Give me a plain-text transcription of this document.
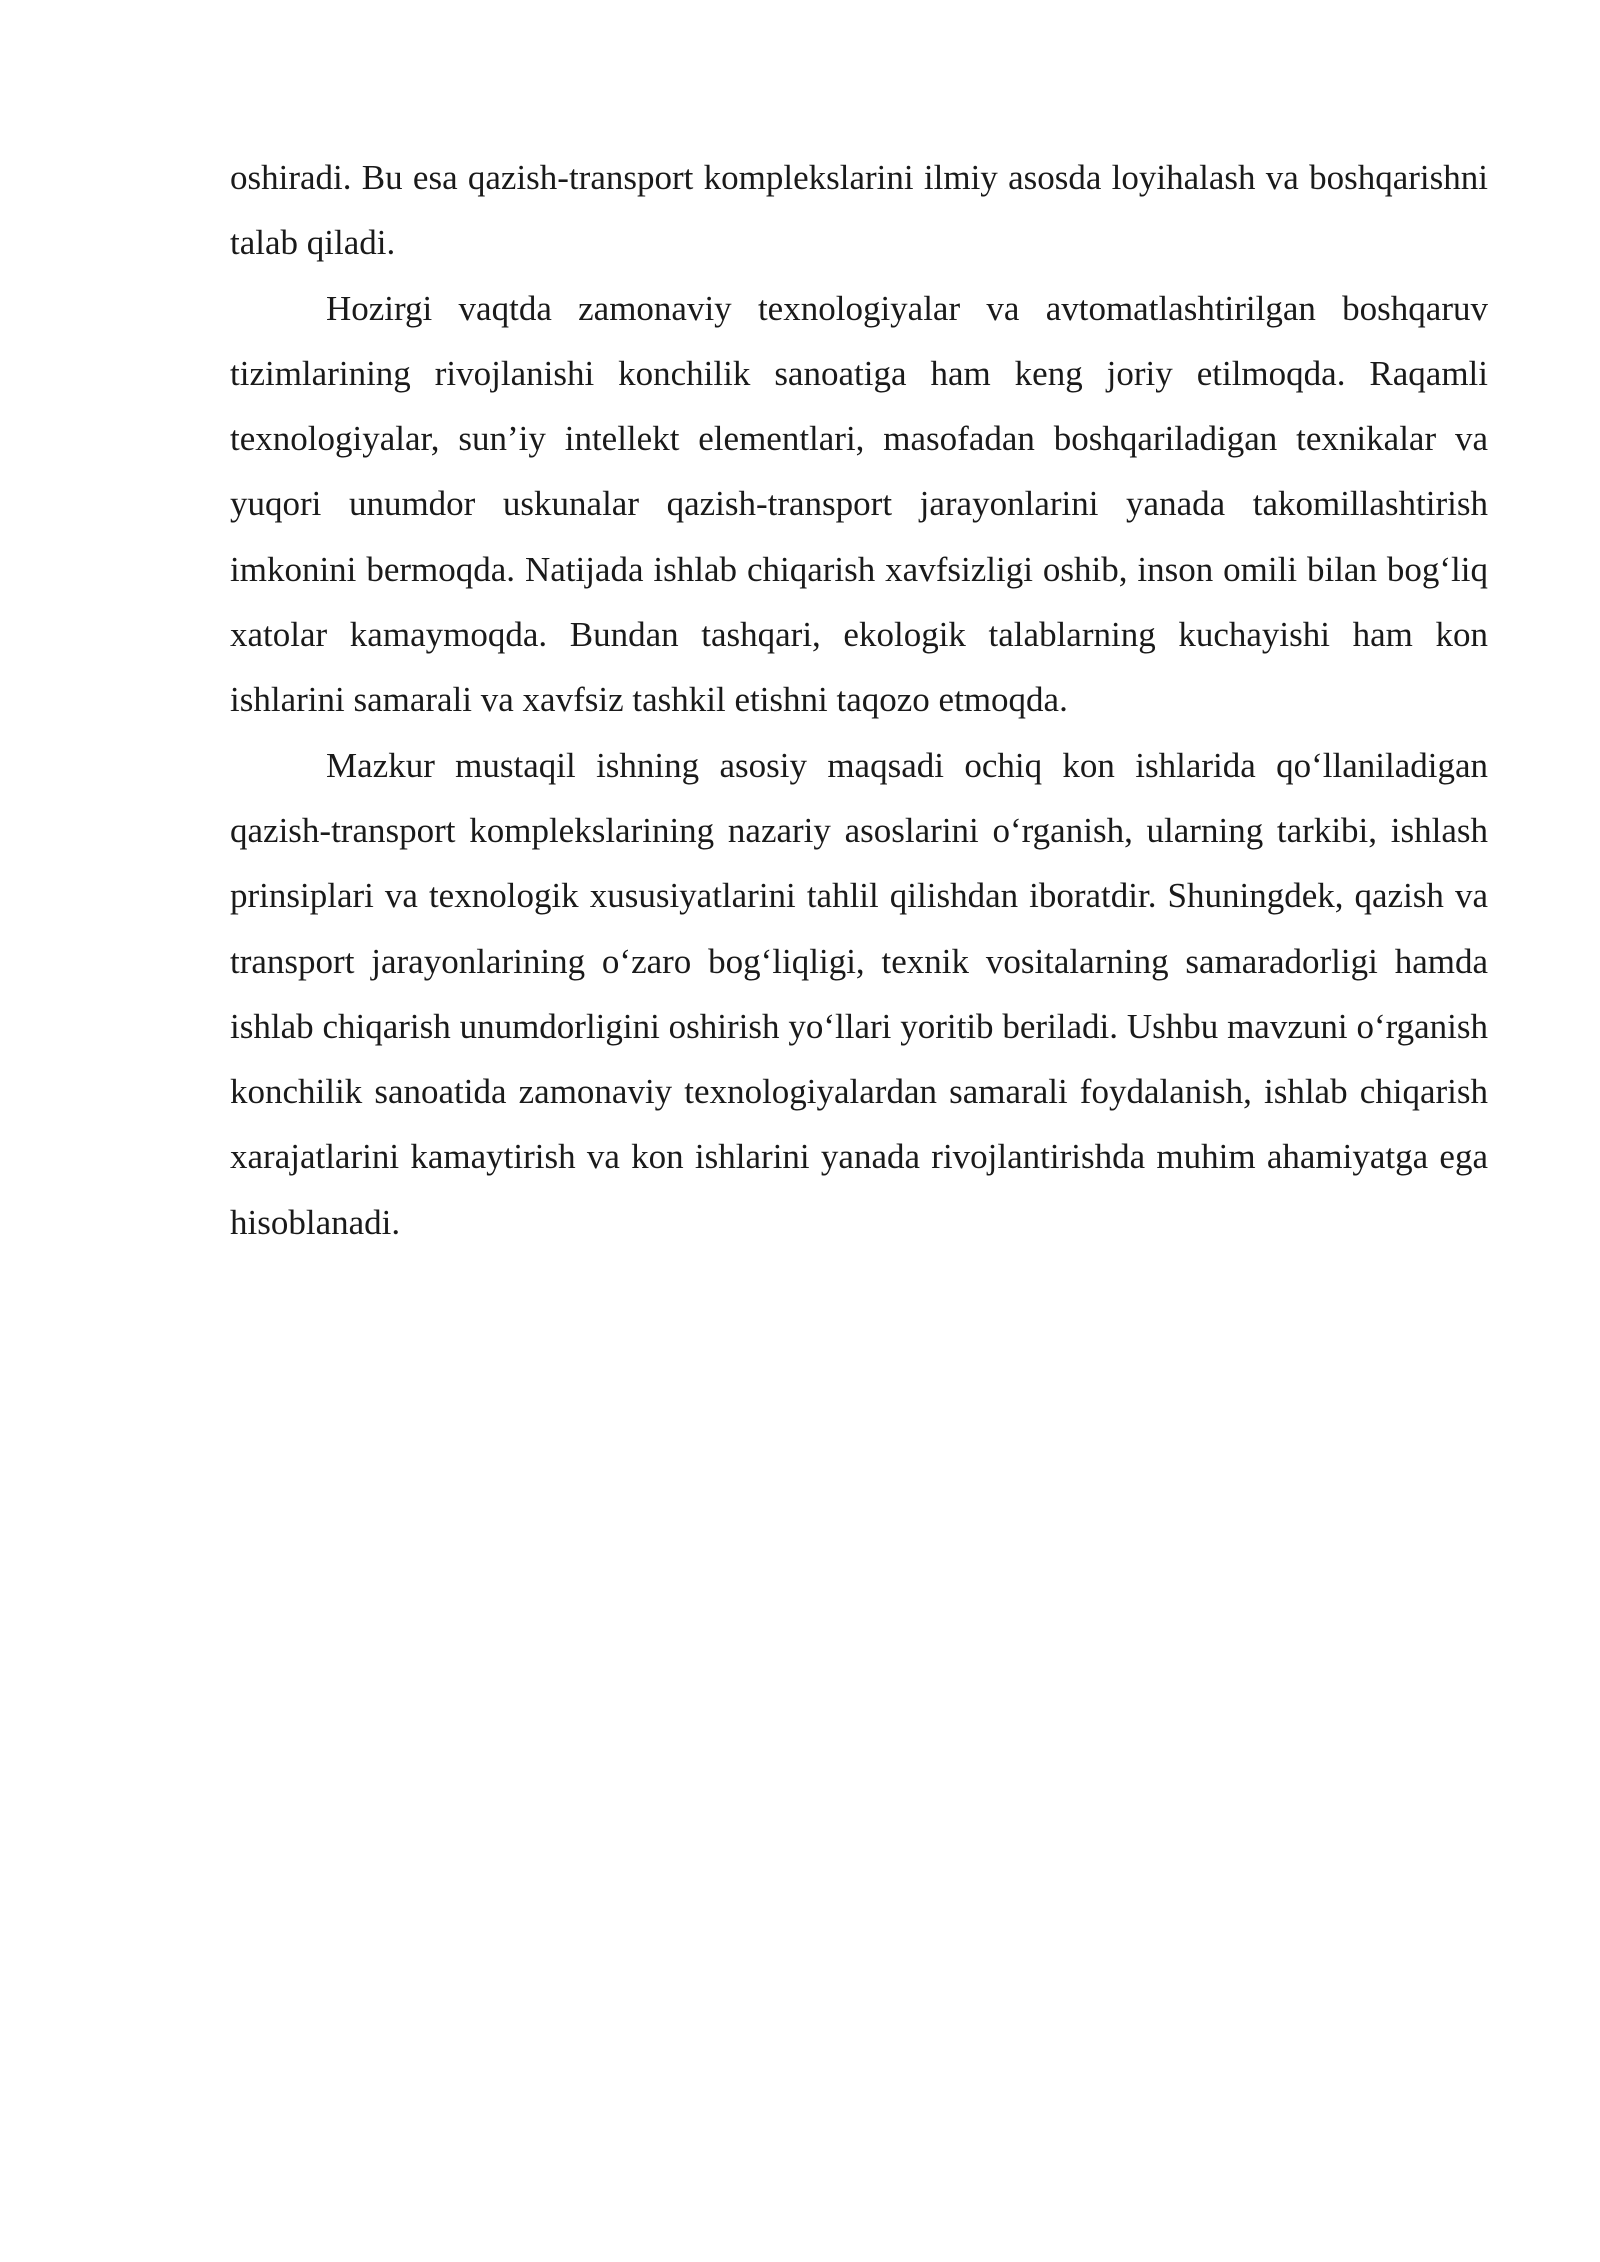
oshiradi. Bu esa qazish-transport komplekslarini ilmiy asosda loyihalash va boshqarishni talab qiladi.

Hozirgi vaqtda zamonaviy texnologiyalar va avtomatlashtirilgan boshqaruv tizimlarining rivojlanishi konchilik sanoatiga ham keng joriy etilmoqda. Raqamli texnologiyalar, sun’iy intellekt elementlari, masofadan boshqariladigan texnikalar va yuqori unumdor uskunalar qazish-transport jarayonlarini yanada takomillashtirish imkonini bermoqda. Natijada ishlab chiqarish xavfsizligi oshib, inson omili bilan bog‘liq xatolar kamaymoqda. Bundan tashqari, ekologik talablarning kuchayishi ham kon ishlarini samarali va xavfsiz tashkil etishni taqozo etmoqda.

Mazkur mustaqil ishning asosiy maqsadi ochiq kon ishlarida qo‘llaniladigan qazish-transport komplekslarining nazariy asoslarini o‘rganish, ularning tarkibi, ishlash prinsiplari va texnologik xususiyatlarini tahlil qilishdan iboratdir. Shuningdek, qazish va transport jarayonlarining o‘zaro bog‘liqligi, texnik vositalarning samaradorligi hamda ishlab chiqarish unumdorligini oshirish yo‘llari yoritib beriladi. Ushbu mavzuni o‘rganish konchilik sanoatida zamonaviy texnologiyalardan samarali foydalanish, ishlab chiqarish xarajatlarini kamaytirish va kon ishlarini yanada rivojlantirishda muhim ahamiyatga ega hisoblanadi.
